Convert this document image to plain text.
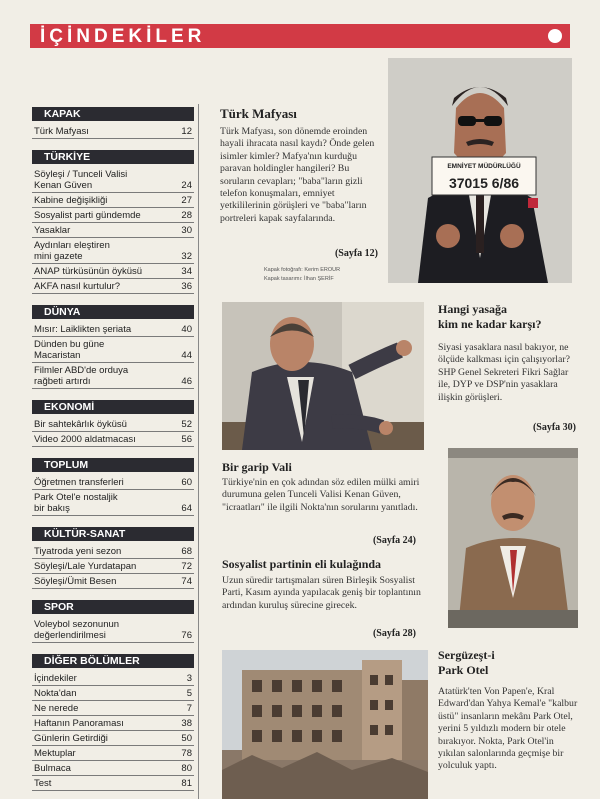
İÇİNDEKİLER
KAPAK
Türk Mafyası	12
TÜRKİYE
Söyleşi / Tunceli Valisi
Kenan Güven	24
Kabine değişikliği	27
Sosyalist parti gündemde	28
Yasaklar	30
Aydınları eleştiren
mini gazete	32
ANAP türküsünün öyküsü	34
AKFA nasıl kurtulur?	36
DÜNYA
Mısır: Laiklikten şeriata	40
Dünden bu güne
Macaristan	44
Filmler ABD'de orduya
rağbeti artırdı	46
EKONOMİ
Bir sahtekârlık öyküsü	52
Video 2000 aldatmacası	56
TOPLUM
Öğretmen transferleri	60
Park Otel'e nostaljik
bir bakış	64
KÜLTÜR-SANAT
Tiyatroda yeni sezon	68
Söyleşi/Lale Yurdatapan	72
Söyleşi/Ümit Besen	74
SPOR
Voleybol sezonunun
değerlendirilmesi	76
DİĞER BÖLÜMLER
İçindekiler	3
Nokta'dan	5
Ne nerede	7
Haftanın Panoraması	38
Günlerin Getirdiği	50
Mektuplar	78
Bulmaca	80
Test	81
Türk Mafyası
Türk Mafyası, son dönemde eroinden hayali ihracata nasıl kaydı? Önde gelen isimler kimler? Mafya'nın kurduğu paravan holdingler hangileri? Bu soruların cevapları; "baba"ların gizli telefon konuşmaları, emniyet yetkililerinin görüşleri ve "baba"ların portreleri kapak sayfalarında.
(Sayfa 12)
Kapak fotoğrafı: Kerim EROUR
Kapak tasarımı: İlhan ŞERİF
EMNİYET MÜDÜRLÜĞÜ
37015 6/86
Hangi yasağa
kim ne kadar karşı?
Siyasi yasaklara nasıl bakıyor, ne ölçüde kalkması için çalışıyorlar? SHP Genel Sekreteri Fikri Sağlar ile, DYP ve DSP'nin yasaklara ilişkin görüşleri.
(Sayfa 30)
Bir garip Vali
Türkiye'nin en çok adından söz edilen mülki amiri durumuna gelen Tunceli Valisi Kenan Güven, "icraatları" ile ilgili Nokta'nın sorularını yanıtladı.
(Sayfa 24)
Sosyalist partinin eli kulağında
Uzun süredir tartışmaları süren Birleşik Sosyalist Parti, Kasım ayında yapılacak geniş bir toplantının ardından kuruluş sürecine girecek.
(Sayfa 28)
Sergüzeşt-i
Park Otel
Atatürk'ten Von Papen'e, Kral Edward'dan Yahya Kemal'e "kalbur üstü" insanların mekânı Park Otel, yerini 5 yıldızlı modern bir otele bırakıyor. Nokta, Park Otel'in yıkılan salonlarında geçmişe bir yolculuk yaptı.
